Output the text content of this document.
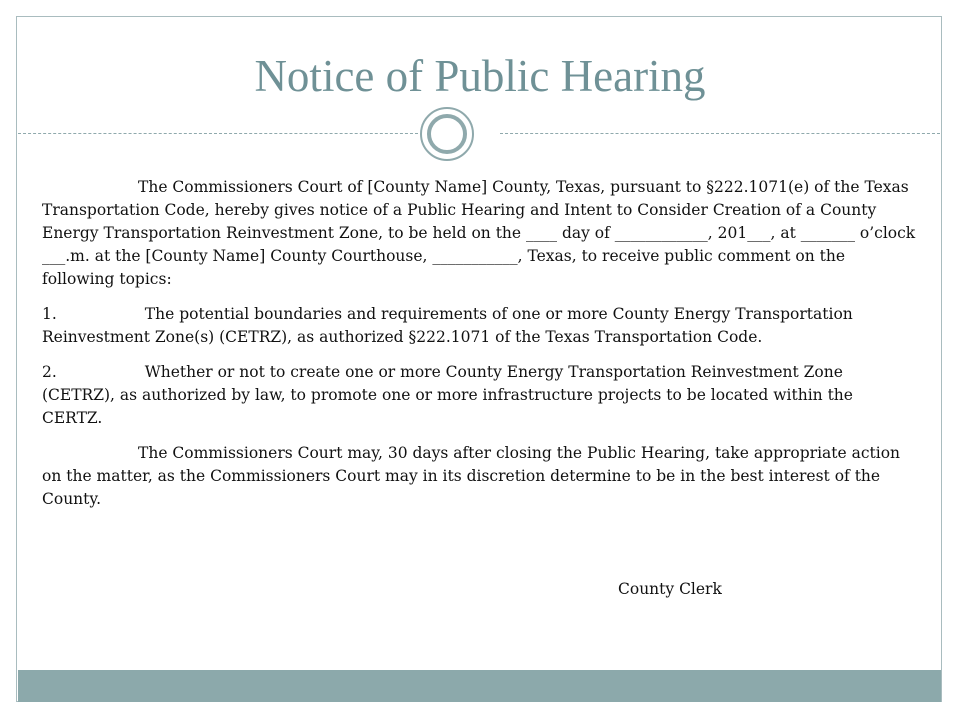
Notice of Public Hearing

The Commissioners Court of [County Name] County, Texas, pursuant to §222.1071(e) of the Texas Transportation Code, hereby gives notice of a Public Hearing and Intent to Consider Creation of a County Energy Transportation Reinvestment Zone, to be held on the ____ day of ____________, 201___, at _______ o’clock ___.m. at the [County Name] County Courthouse, ___________, Texas, to receive public comment on the following topics:

1.	The potential boundaries and requirements of one or more County Energy Transportation Reinvestment Zone(s) (CETRZ), as authorized §222.1071 of the Texas Transportation Code.

2.	Whether or not to create one or more County Energy Transportation Reinvestment Zone (CETRZ), as authorized by law, to promote one or more infrastructure projects to be located within the CERTZ.

The Commissioners Court may, 30 days after closing the Public Hearing, take appropriate action on the matter, as the Commissioners Court may in its discretion determine to be in the best interest of the County.

County Clerk
